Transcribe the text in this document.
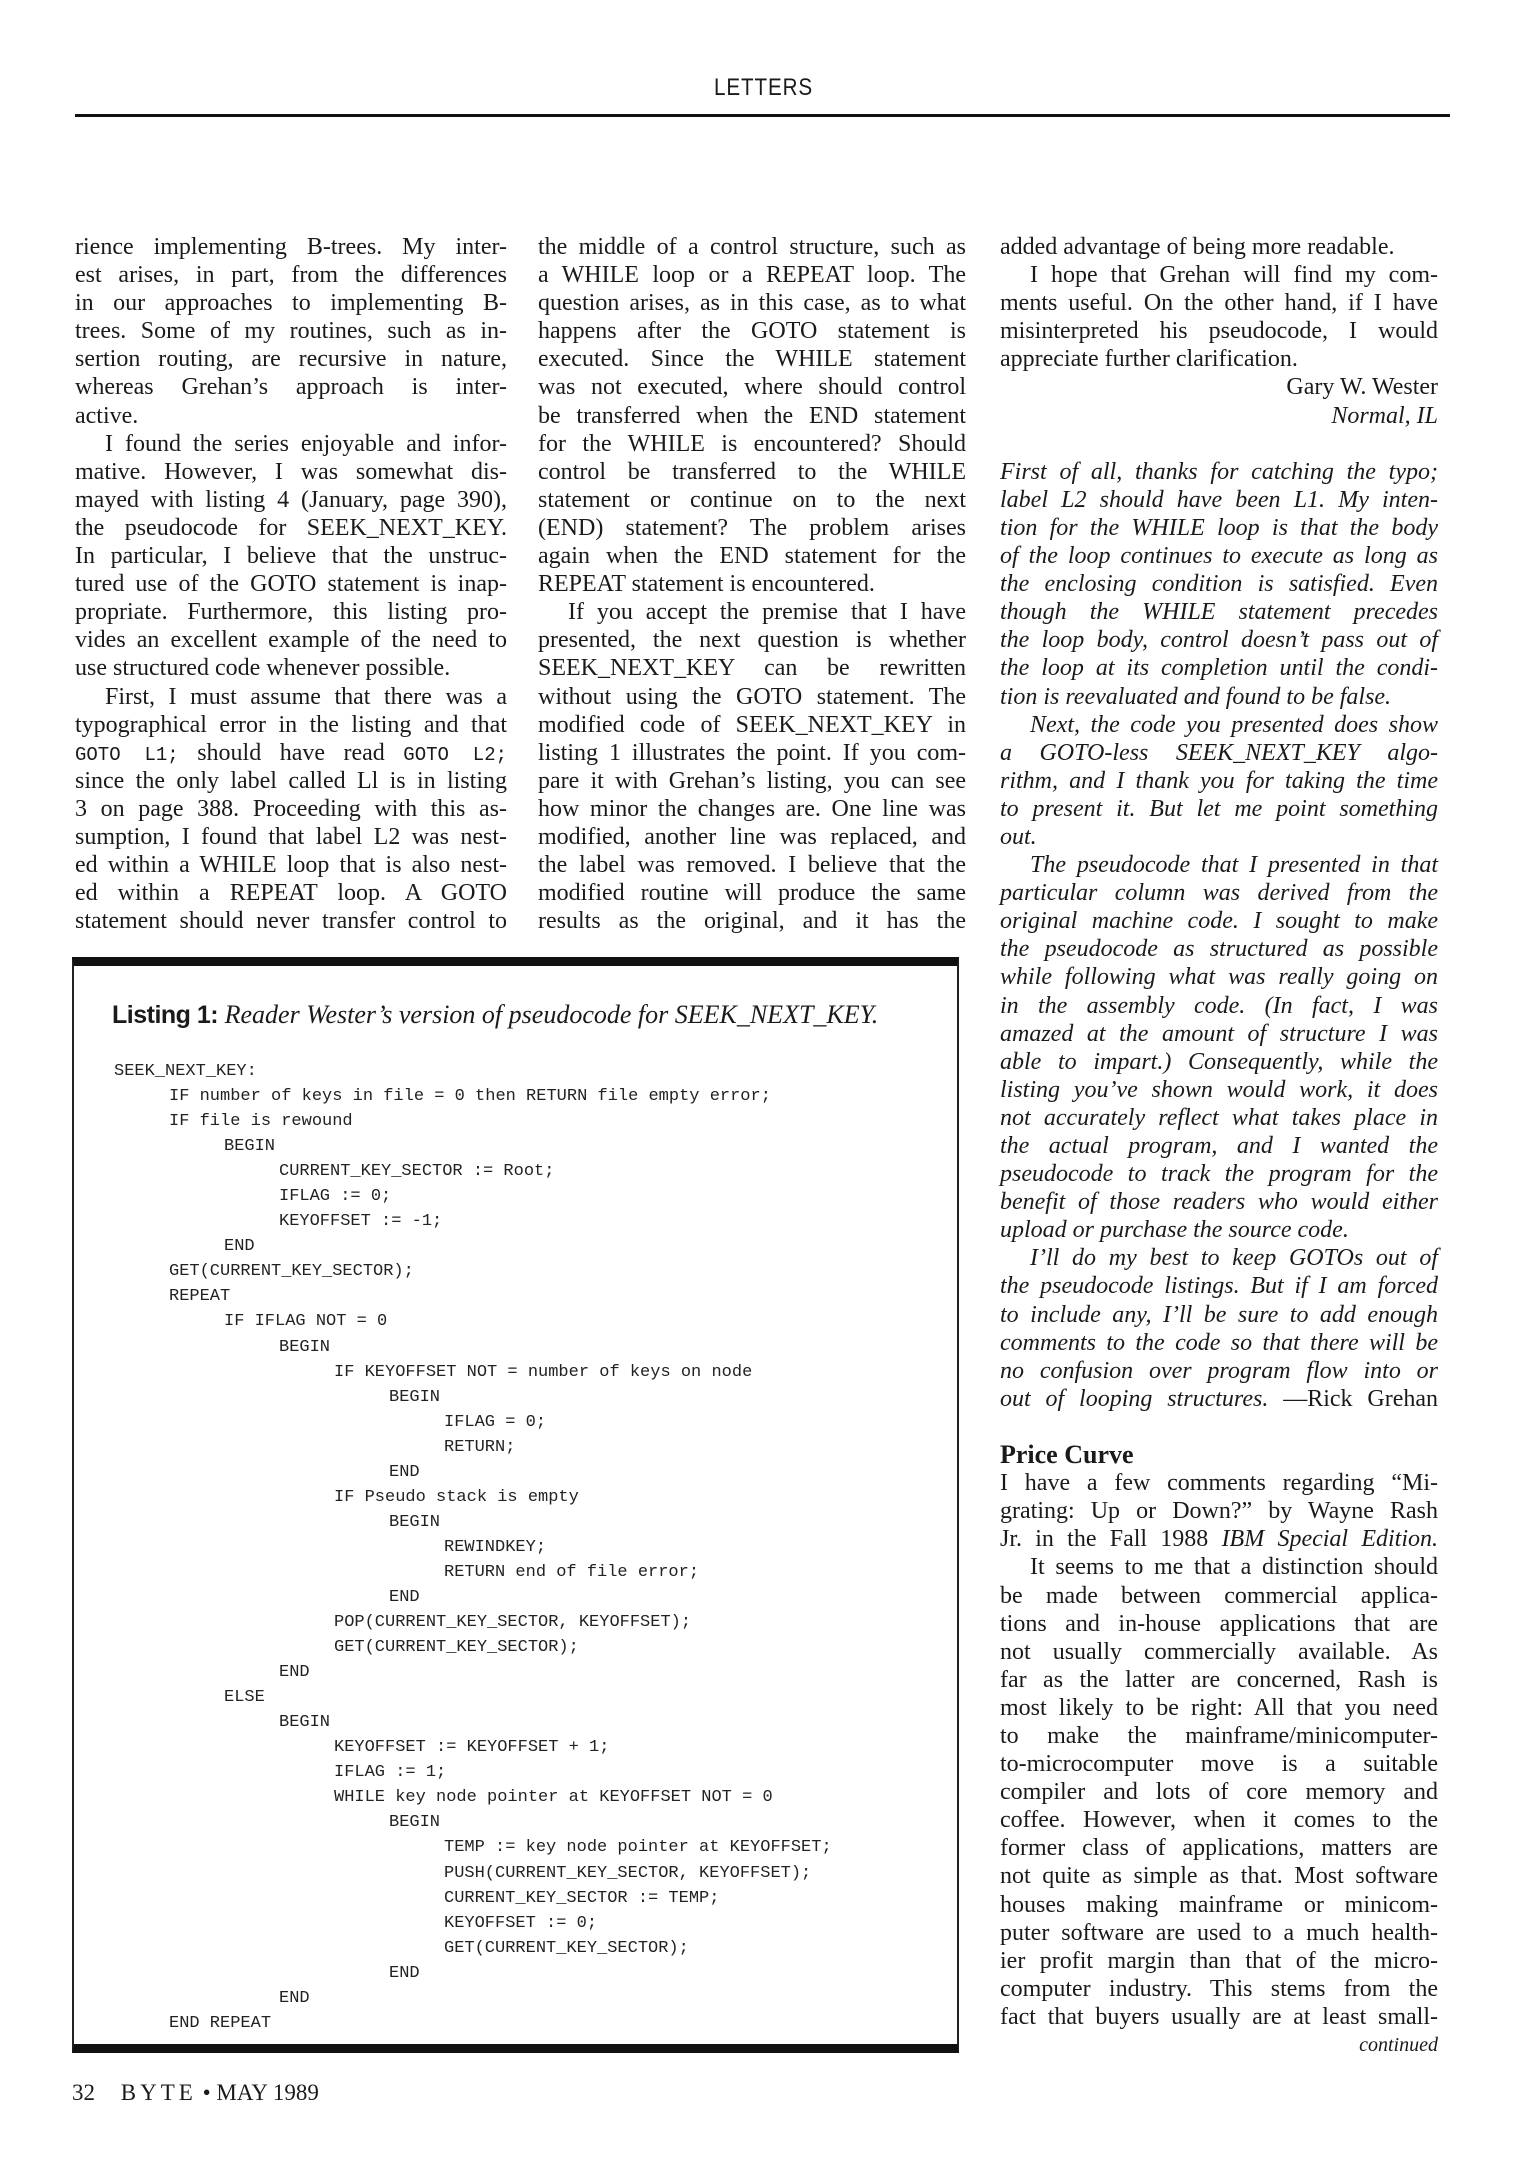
LETTERS
rience implementing B-trees. My inter-
est arises, in part, from the differences
in our approaches to implementing B-
trees. Some of my routines, such as in-
sertion routing, are recursive in nature,
whereas Grehan’s approach is inter-
active.
I found the series enjoyable and infor-
mative. However, I was somewhat dis-
mayed with listing 4 (January, page 390),
the pseudocode for SEEK_NEXT_KEY.
In particular, I believe that the unstruc-
tured use of the GOTO statement is inap-
propriate. Furthermore, this listing pro-
vides an excellent example of the need to
use structured code whenever possible.
First, I must assume that there was a
typographical error in the listing and that
GOTO L1; should have read GOTO L2;
since the only label called Ll is in listing
3 on page 388. Proceeding with this as-
sumption, I found that label L2 was nest-
ed within a WHILE loop that is also nest-
ed within a REPEAT loop. A GOTO
statement should never transfer control to
the middle of a control structure, such as
a WHILE loop or a REPEAT loop. The
question arises, as in this case, as to what
happens after the GOTO statement is
executed. Since the WHILE statement
was not executed, where should control
be transferred when the END statement
for the WHILE is encountered? Should
control be transferred to the WHILE
statement or continue on to the next
(END) statement? The problem arises
again when the END statement for the
REPEAT statement is encountered.
If you accept the premise that I have
presented, the next question is whether
SEEK_NEXT_KEY can be rewritten
without using the GOTO statement. The
modified code of SEEK_NEXT_KEY in
listing 1 illustrates the point. If you com-
pare it with Grehan’s listing, you can see
how minor the changes are. One line was
modified, another line was replaced, and
the label was removed. I believe that the
modified routine will produce the same
results as the original, and it has the
added advantage of being more readable.
I hope that Grehan will find my com-
ments useful. On the other hand, if I have
misinterpreted his pseudocode, I would
appreciate further clarification.
Gary W. Wester
Normal, IL

First of all, thanks for catching the typo;
label L2 should have been L1. My inten-
tion for the WHILE loop is that the body
of the loop continues to execute as long as
the enclosing condition is satisfied. Even
though the WHILE statement precedes
the loop body, control doesn’t pass out of
the loop at its completion until the condi-
tion is reevaluated and found to be false.
Next, the code you presented does show
a GOTO-less SEEK_NEXT_KEY algo-
rithm, and I thank you for taking the time
to present it. But let me point something
out.
The pseudocode that I presented in that
particular column was derived from the
original machine code. I sought to make
the pseudocode as structured as possible
while following what was really going on
in the assembly code. (In fact, I was
amazed at the amount of structure I was
able to impart.) Consequently, while the
listing you’ve shown would work, it does
not accurately reflect what takes place in
the actual program, and I wanted the
pseudocode to track the program for the
benefit of those readers who would either
upload or purchase the source code.
I’ll do my best to keep GOTOs out of
the pseudocode listings. But if I am forced
to include any, I’ll be sure to add enough
comments to the code so that there will be
no confusion over program flow into or
out of looping structures. —Rick Grehan

Price Curve
I have a few comments regarding “Mi-
grating: Up or Down?” by Wayne Rash
Jr. in the Fall 1988 IBM Special Edition.
It seems to me that a distinction should
be made between commercial applica-
tions and in-house applications that are
not usually commercially available. As
far as the latter are concerned, Rash is
most likely to be right: All that you need
to make the mainframe/minicomputer-
to-microcomputer move is a suitable
compiler and lots of core memory and
coffee. However, when it comes to the
former class of applications, matters are
not quite as simple as that. Most software
houses making mainframe or minicom-
puter software are used to a much health-
ier profit margin than that of the micro-
computer industry. This stems from the
fact that buyers usually are at least small-
continued
Listing 1: Reader Wester’s version of pseudocode for SEEK_NEXT_KEY.
SEEK_NEXT_KEY:
IF number of keys in file = 0 then RETURN file empty error;
IF file is rewound
BEGIN
CURRENT_KEY_SECTOR := Root;
IFLAG := 0;
KEYOFFSET := -1;
END
GET(CURRENT_KEY_SECTOR);
REPEAT
IF IFLAG NOT = 0
BEGIN
IF KEYOFFSET NOT = number of keys on node
BEGIN
IFLAG = 0;
RETURN;
END
IF Pseudo stack is empty
BEGIN
REWINDKEY;
RETURN end of file error;
END
POP(CURRENT_KEY_SECTOR, KEYOFFSET);
GET(CURRENT_KEY_SECTOR);
END
ELSE
BEGIN
KEYOFFSET := KEYOFFSET + 1;
IFLAG := 1;
WHILE key node pointer at KEYOFFSET NOT = 0
BEGIN
TEMP := key node pointer at KEYOFFSET;
PUSH(CURRENT_KEY_SECTOR, KEYOFFSET);
CURRENT_KEY_SECTOR := TEMP;
KEYOFFSET := 0;
GET(CURRENT_KEY_SECTOR);
END
END
END REPEAT
32 BYTE • MAY 1989
